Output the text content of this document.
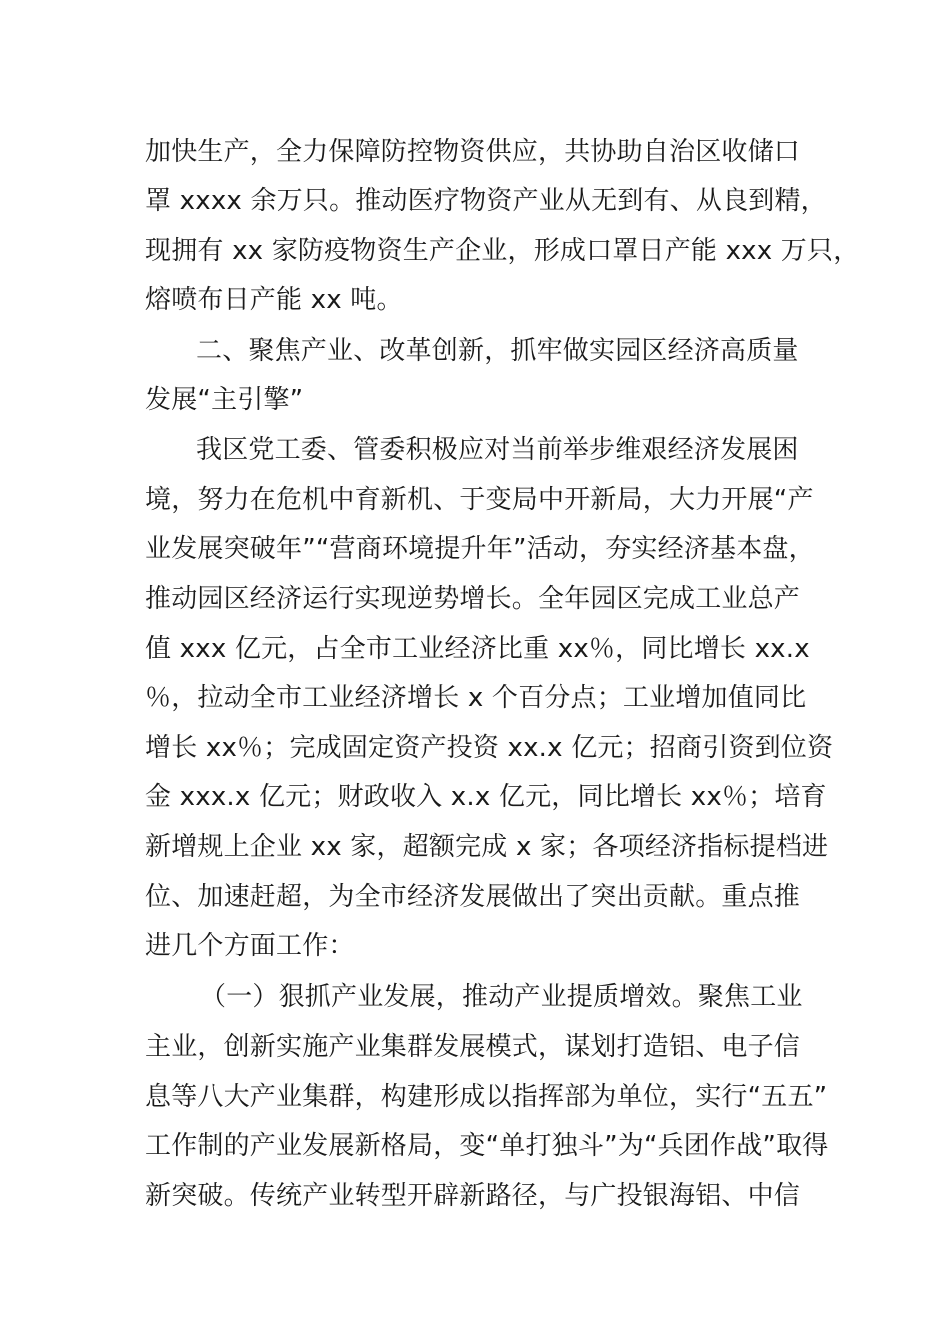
加快生产，全力保障防控物资供应，共协助自治区收储口

罩 xxxx 余万只。推动医疗物资产业从无到有、从良到精，

现拥有 xx 家防疫物资生产企业，形成口罩日产能 xxx 万只，

熔喷布日产能 xx 吨。

二、聚焦产业、改革创新，抓牢做实园区经济高质量

发展“主引擎”

我区党工委、管委积极应对当前举步维艰经济发展困

境，努力在危机中育新机、于变局中开新局，大力开展“产

业发展突破年”“营商环境提升年”活动，夯实经济基本盘，

推动园区经济运行实现逆势增长。全年园区完成工业总产

值 xxx 亿元，占全市工业经济比重 xx％，同比增长 xx.x

％，拉动全市工业经济增长 x 个百分点；工业增加值同比

增长 xx％；完成固定资产投资 xx.x 亿元；招商引资到位资

金 xxx.x 亿元；财政收入 x.x 亿元，同比增长 xx％；培育

新增规上企业 xx 家，超额完成 x 家；各项经济指标提档进

位、加速赶超，为全市经济发展做出了突出贡献。重点推

进几个方面工作：

（一）狠抓产业发展，推动产业提质增效。聚焦工业

主业，创新实施产业集群发展模式，谋划打造铝、电子信

息等八大产业集群，构建形成以指挥部为单位，实行“五五”

工作制的产业发展新格局，变“单打独斗”为“兵团作战”取得

新突破。传统产业转型开辟新路径，与广投银海铝、中信
